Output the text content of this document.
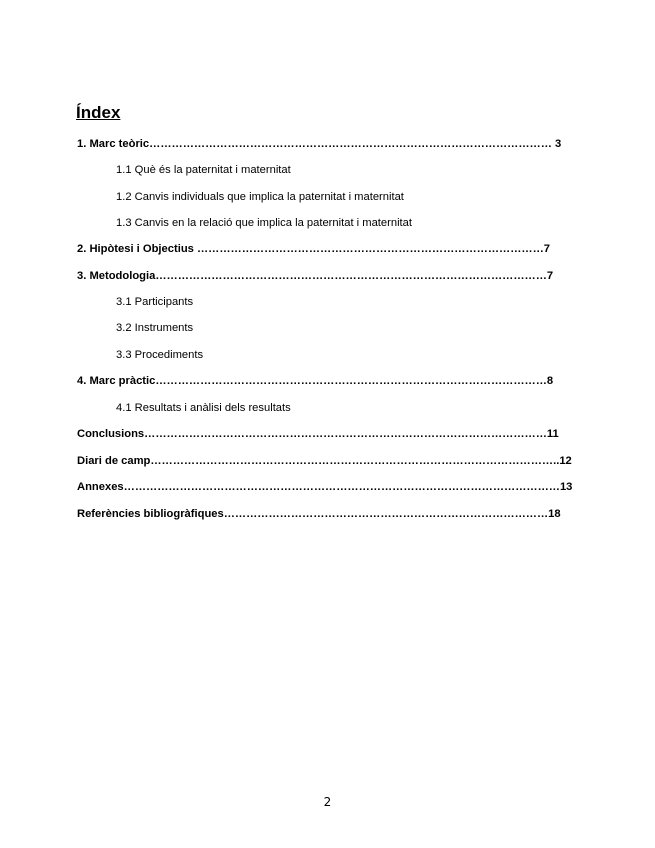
Índex
1. Marc teòric……………………………………………………………………………………………… 3
1.1 Què és la paternitat i maternitat
1.2 Canvis individuals que implica la paternitat i maternitat
1.3 Canvis en la relació que implica la paternitat i maternitat
2. Hipòtesi i Objectius …………………………………………………………………………………7
3. Metodologia……………………………………………………………………………………………7
3.1 Participants
3.2 Instruments
3.3 Procediments
4. Marc pràctic……………………………………………………………………………………………8
4.1 Resultats i anàlisi dels resultats
Conclusions………………………………………………………………………………………………11
Diari de camp………………………………………………………………………………………………..12
Annexes………………………………………………………………………………………………………13
Referències bibliogràfiques……………………………………………………………………………18
2
